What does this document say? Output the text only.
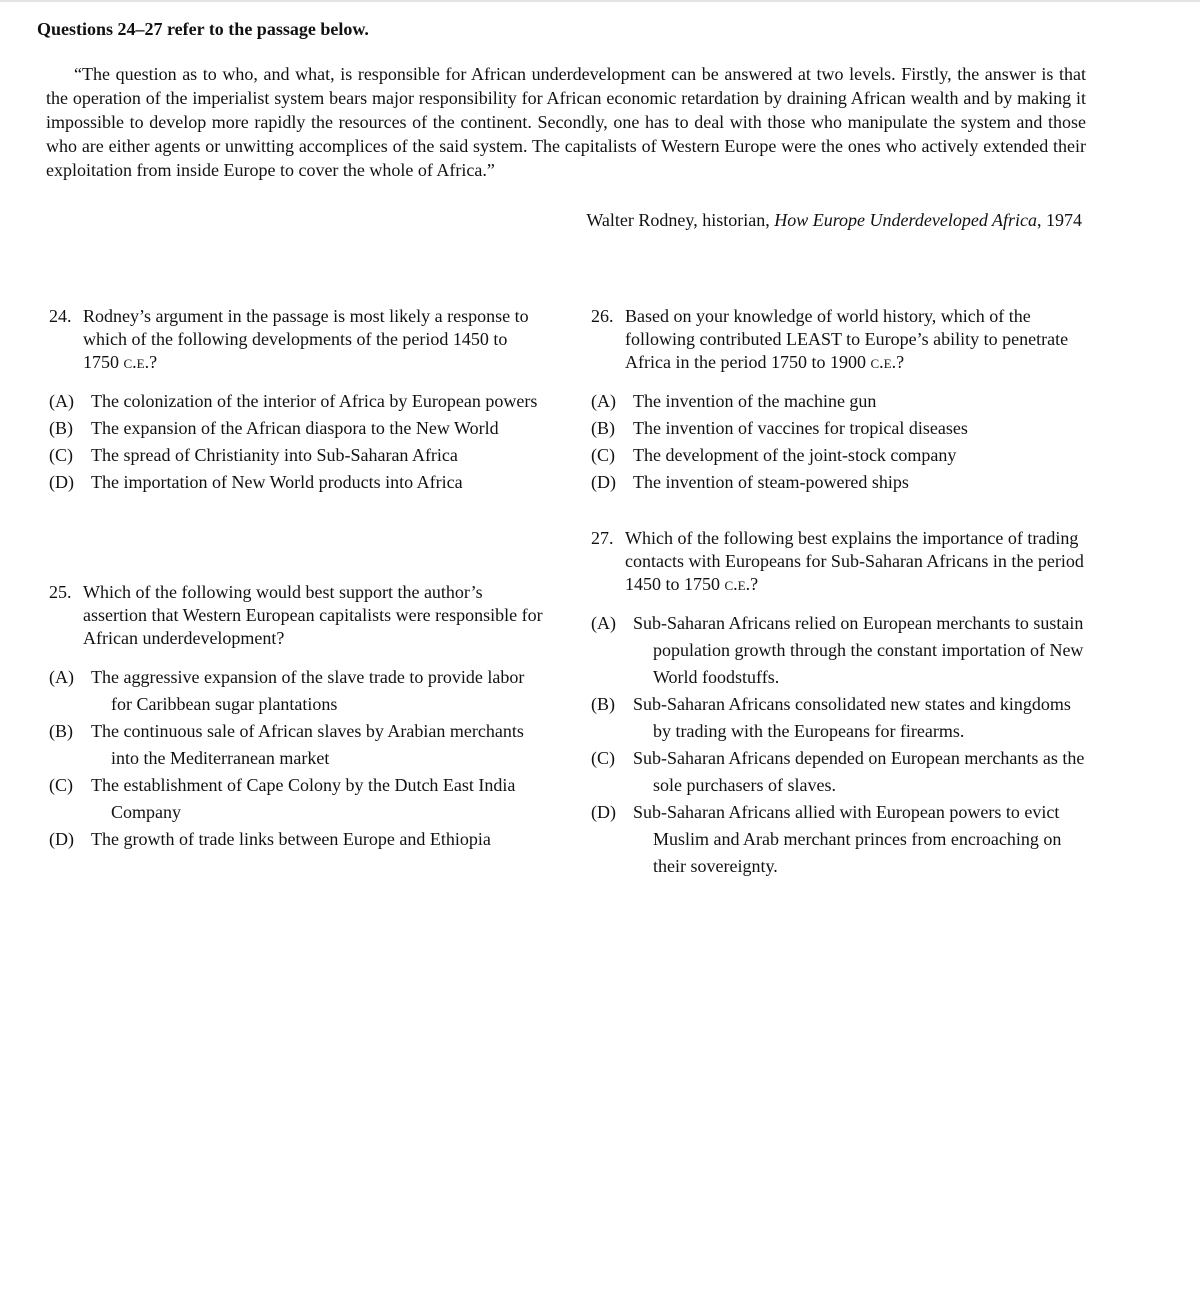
Questions 24–27 refer to the passage below.

“The question as to who, and what, is responsible for African underdevelopment can be answered at two levels. Firstly, the answer is that the operation of the imperialist system bears major responsibility for African economic retardation by draining African wealth and by making it impossible to develop more rapidly the resources of the continent. Secondly, one has to deal with those who manipulate the system and those who are either agents or unwitting accomplices of the said system. The capitalists of Western Europe were the ones who actively extended their exploitation from inside Europe to cover the whole of Africa.”

Walter Rodney, historian, How Europe Underdeveloped Africa, 1974
24. Rodney’s argument in the passage is most likely a response to which of the following developments of the period 1450 to 1750 c.e.?
(A) The colonization of the interior of Africa by European powers
(B)	The expansion of the African diaspora to the New World
(C)	The spread of Christianity into Sub-Saharan Africa
(D) The importation of New World products into Africa
25. Which of the following would best support the author’s assertion that Western European capitalists were responsible for African underdevelopment?
(A) The aggressive expansion of the slave trade to provide labor for Caribbean sugar plantations
(B)	The continuous sale of African slaves by Arabian merchants into the Mediterranean market
(C)	The establishment of Cape Colony by the Dutch East India Company
(D) The growth of trade links between Europe and Ethiopia
26. Based on your knowledge of world history, which of the following contributed LEAST to Europe’s ability to penetrate Africa in the period 1750 to 1900 c.e.?
(A) The invention of the machine gun
(B)	The invention of vaccines for tropical diseases
(C)	The development of the joint-stock company
(D) The invention of steam-powered ships
27. Which of the following best explains the importance of trading contacts with Europeans for Sub-Saharan Africans in the period 1450 to 1750 c.e.?
(A) Sub-Saharan Africans relied on European merchants to sustain population growth through the constant importation of New World foodstuffs.
(B)	Sub-Saharan Africans consolidated new states and kingdoms by trading with the Europeans for firearms.
(C)	Sub-Saharan Africans depended on European merchants as the sole purchasers of slaves.
(D) Sub-Saharan Africans allied with European powers to evict Muslim and Arab merchant princes from encroaching on their sovereignty.
